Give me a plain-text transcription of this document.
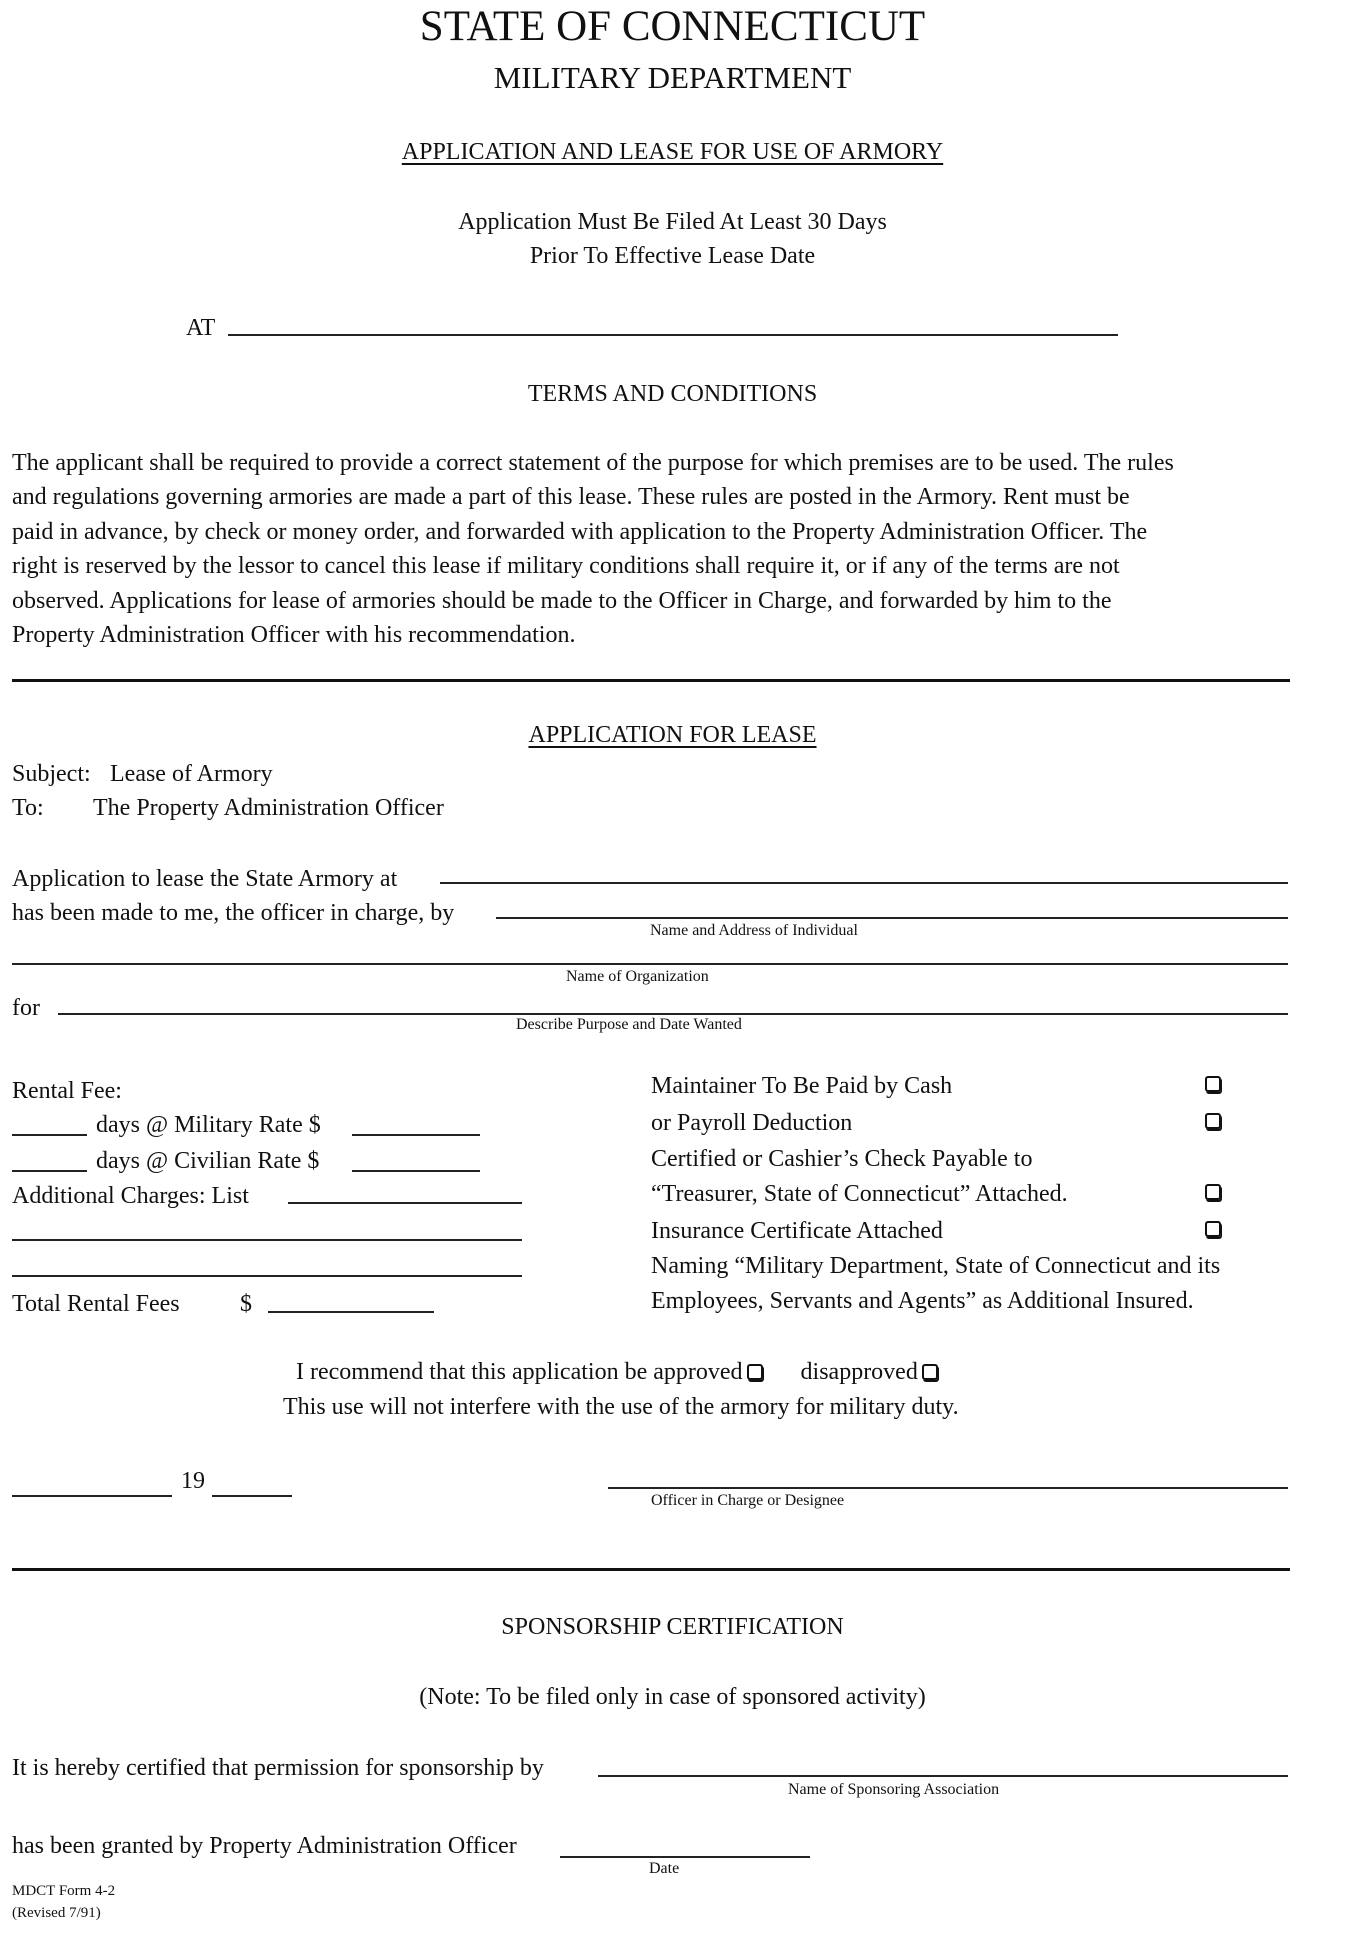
STATE OF CONNECTICUT
MILITARY DEPARTMENT
APPLICATION AND LEASE FOR USE OF ARMORY
Application Must Be Filed At Least 30 Days
Prior To Effective Lease Date
AT
TERMS AND CONDITIONS
The applicant shall be required to provide a correct statement of the purpose for which premises are to be used. The rules
and regulations governing armories are made a part of this lease. These rules are posted in the Armory. Rent must be
paid in advance, by check or money order, and forwarded with application to the Property Administration Officer. The
right is reserved by the lessor to cancel this lease if military conditions shall require it, or if any of the terms are not
observed. Applications for lease of armories should be made to the Officer in Charge, and forwarded by him to the
Property Administration Officer with his recommendation.
APPLICATION FOR LEASE
Subject: Lease of Armory
To: The Property Administration Officer
Application to lease the State Armory at
has been made to me, the officer in charge, by
Name and Address of Individual
Name of Organization
for
Describe Purpose and Date Wanted
Rental Fee:
days @ Military Rate $
days @ Civilian Rate $
Additional Charges: List
Total Rental Fees	$
Maintainer To Be Paid by Cash
or Payroll Deduction
Certified or Cashier’s Check Payable to
“Treasurer, State of Connecticut” Attached.
Insurance Certificate Attached
Naming “Military Department, State of Connecticut and its
Employees, Servants and Agents” as Additional Insured.
I recommend that this application be approved disapproved
This use will not interfere with the use of the armory for military duty.
19
Officer in Charge or Designee
SPONSORSHIP CERTIFICATION
(Note: To be filed only in case of sponsored activity)
It is hereby certified that permission for sponsorship by
Name of Sponsoring Association
has been granted by Property Administration Officer
Date
MDCT Form 4-2
(Revised 7/91)
